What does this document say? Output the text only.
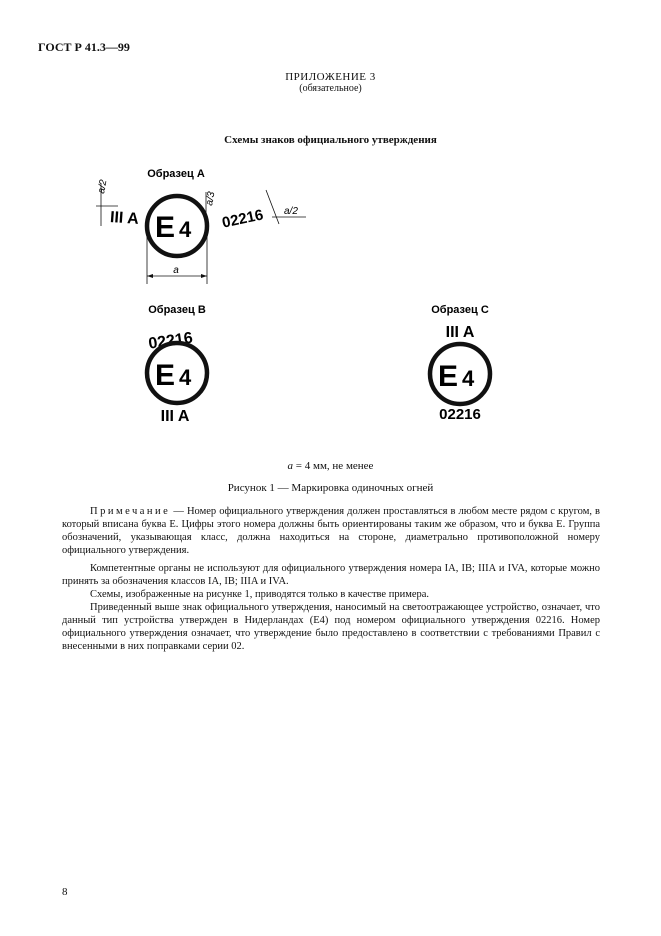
ГОСТ Р 41.3—99
ПРИЛОЖЕНИЕ 3
(обязательное)
Схемы знаков официального утверждения
Образец А
E 4
III A	02216
a/2
a/3
a/2
a
Образец В
02216
E 4
III A
Образец С
III A
E 4
02216
a = 4 мм, не менее
Рисунок 1 — Маркировка одиночных огней

Примечание — Номер официального утверждения должен проставляться в любом месте рядом с кругом, в который вписана буква Е. Цифры этого номера должны быть ориентированы таким же образом, что и буква Е. Группа обозначений, указывающая класс, должна находиться на стороне, диаметрально противоположной номеру официального утверждения.

Компетентные органы не используют для официального утверждения номера IA, IB; IIIA и IVA, которые можно принять за обозначения классов IA, IB; IIIA и IVA.

Схемы, изображенные на рисунке 1, приводятся только в качестве примера.

Приведенный выше знак официального утверждения, наносимый на светоотражающее устройство, означает, что данный тип устройства утвержден в Нидерландах (Е4) под номером официального утверждения 02216. Номер официального утверждения означает, что утверждение было предоставлено в соответствии с требованиями Правил с внесенными в них поправками серии 02.

8
